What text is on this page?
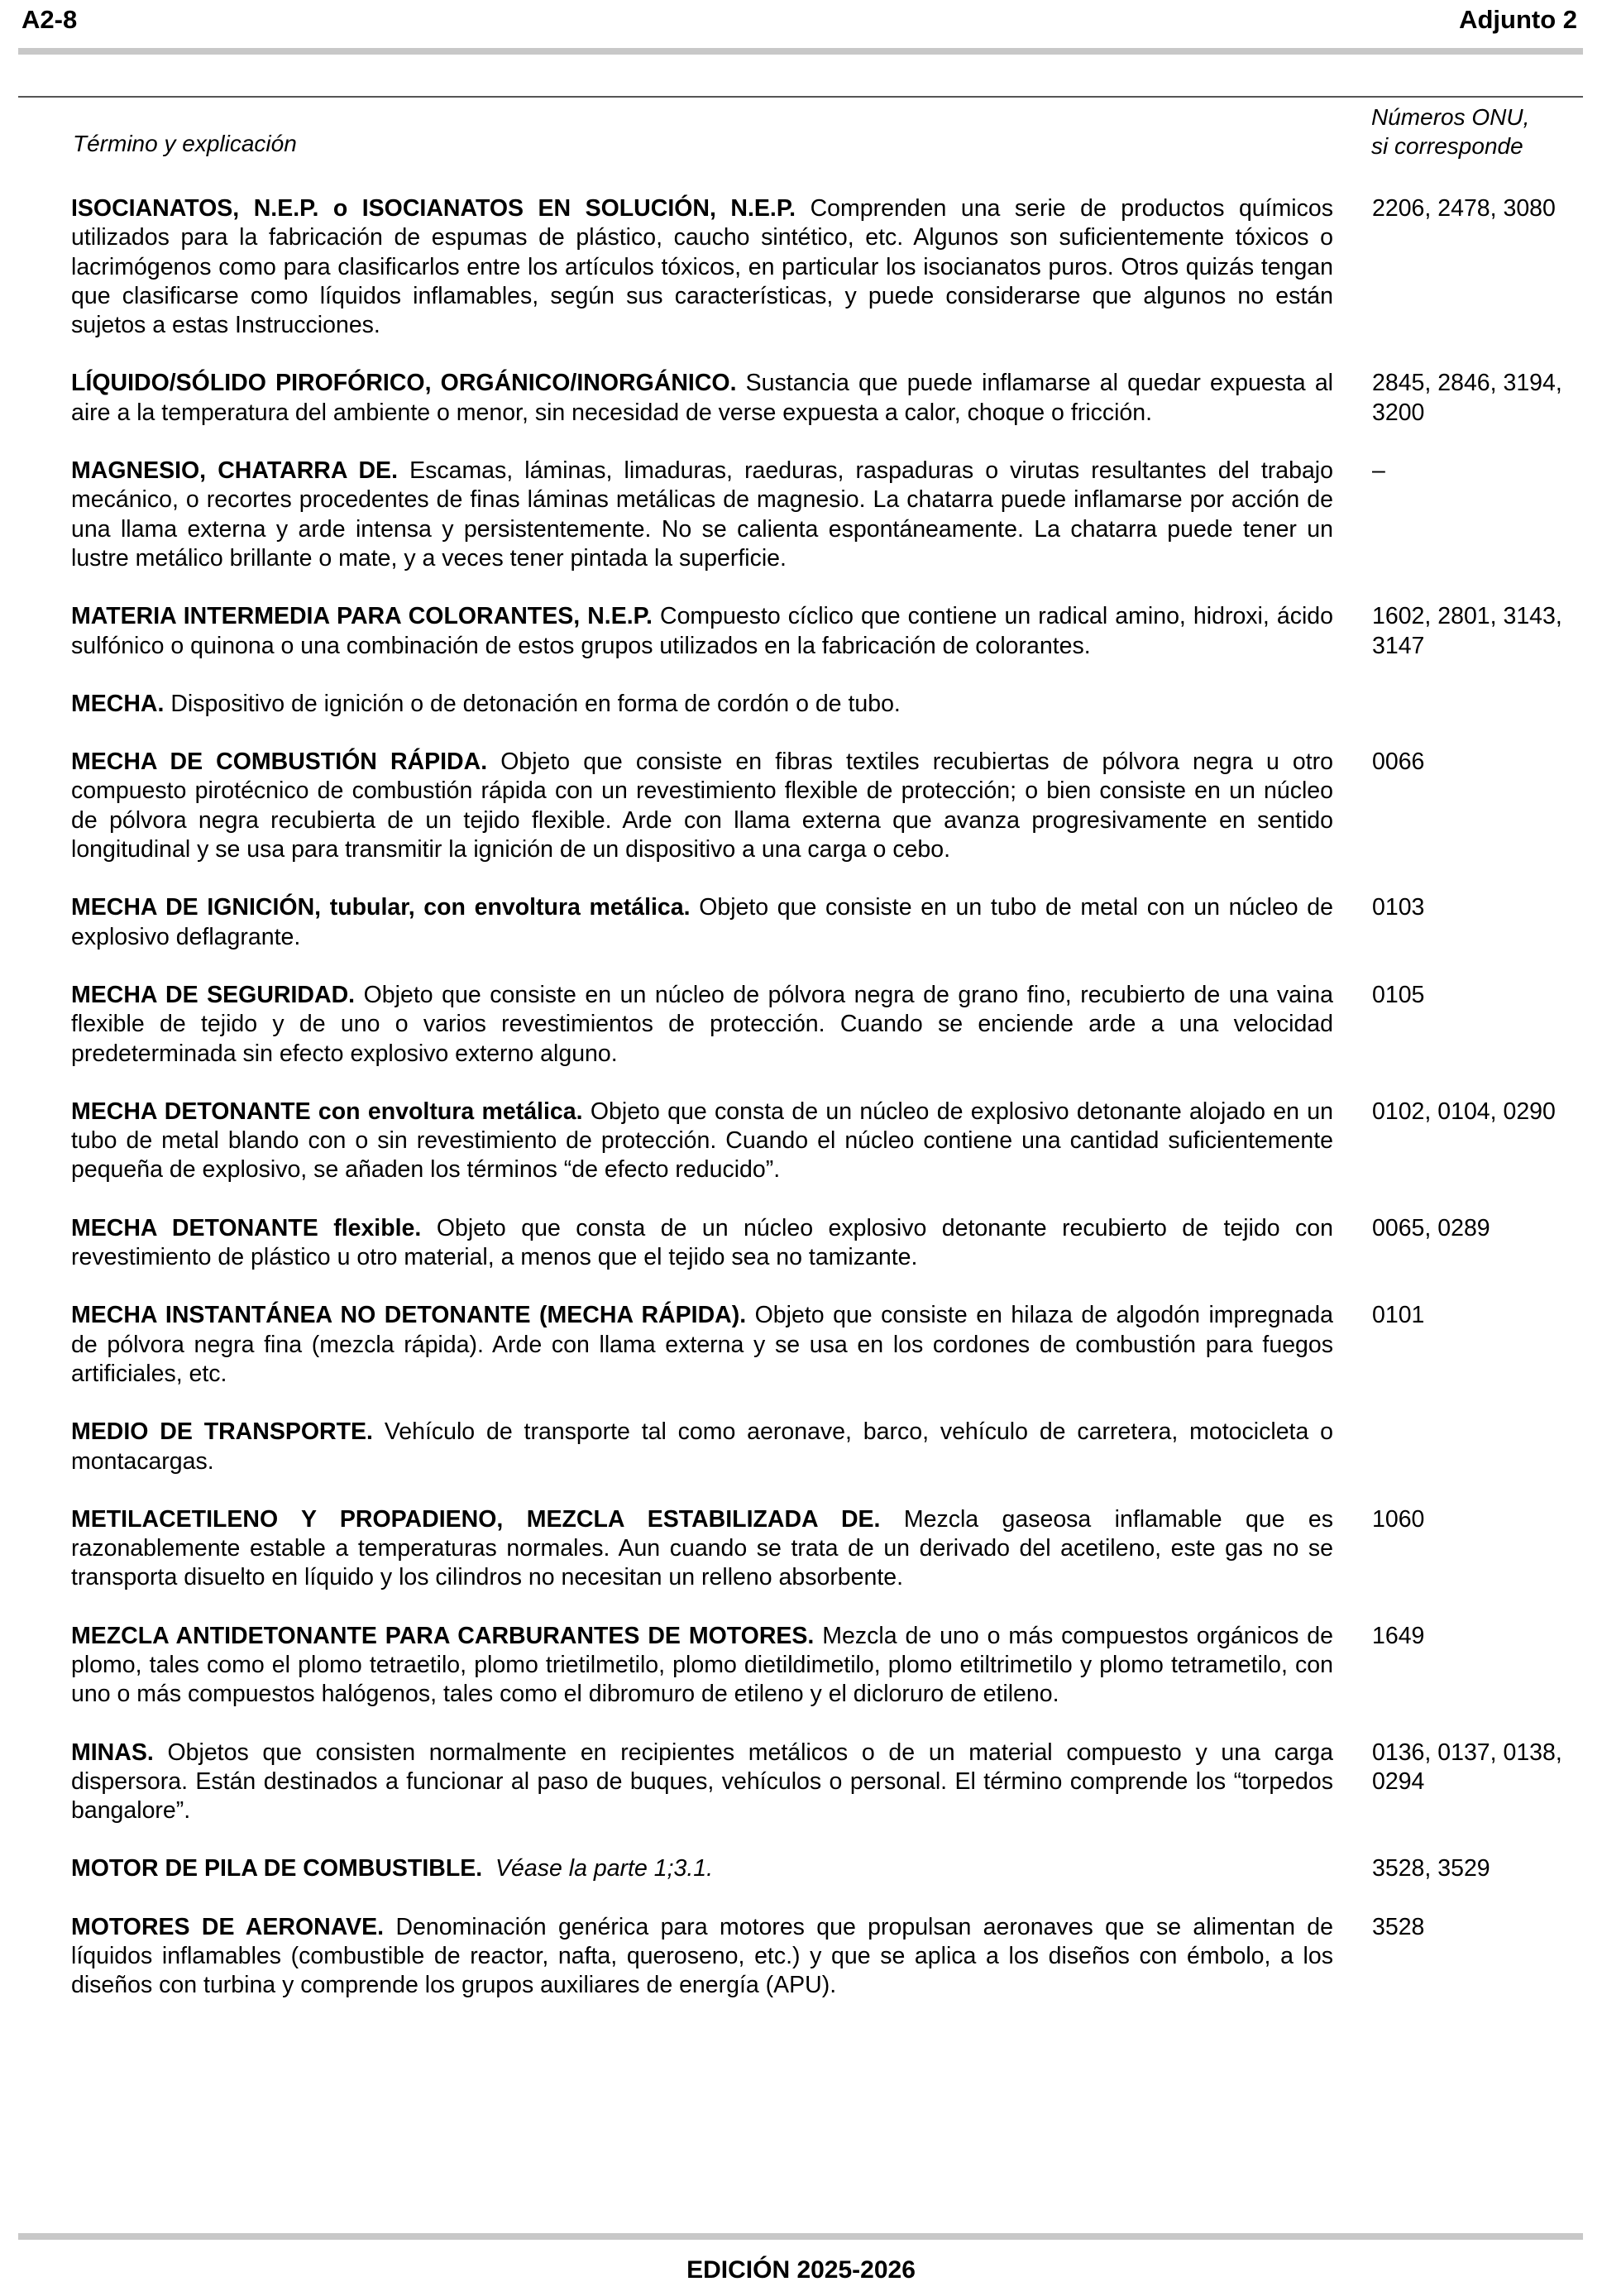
A2-8	Adjunto 2
Término y explicación
Números ONU,
si corresponde
ISOCIANATOS, N.E.P. o ISOCIANATOS EN SOLUCIÓN, N.E.P. Comprenden una serie de productos químicos utilizados para la fabricación de espumas de plástico, caucho sintético, etc. Algunos son suficientemente tóxicos o lacrimógenos como para clasificarlos entre los artículos tóxicos, en particular los isocianatos puros. Otros quizás tengan que clasificarse como líquidos inflamables, según sus características, y puede considerarse que algunos no están sujetos a estas Instrucciones.
2206, 2478, 3080
LÍQUIDO/SÓLIDO PIROFÓRICO, ORGÁNICO/INORGÁNICO. Sustancia que puede inflamarse al quedar expuesta al aire a la temperatura del ambiente o menor, sin necesidad de verse expuesta a calor, choque o fricción.
2845, 2846, 3194, 3200
MAGNESIO, CHATARRA DE. Escamas, láminas, limaduras, raeduras, raspaduras o virutas resultantes del trabajo mecánico, o recortes procedentes de finas láminas metálicas de magnesio. La chatarra puede inflamarse por acción de una llama externa y arde intensa y persistentemente. No se calienta espontáneamente. La chatarra puede tener un lustre metálico brillante o mate, y a veces tener pintada la superficie.
–
MATERIA INTERMEDIA PARA COLORANTES, N.E.P. Compuesto cíclico que contiene un radical amino, hidroxi, ácido sulfónico o quinona o una combinación de estos grupos utilizados en la fabricación de colorantes.
1602, 2801, 3143, 3147
MECHA. Dispositivo de ignición o de detonación en forma de cordón o de tubo.
MECHA DE COMBUSTIÓN RÁPIDA. Objeto que consiste en fibras textiles recubiertas de pólvora negra u otro compuesto pirotécnico de combustión rápida con un revestimiento flexible de protección; o bien consiste en un núcleo de pólvora negra recubierta de un tejido flexible. Arde con llama externa que avanza progresivamente en sentido longitudinal y se usa para transmitir la ignición de un dispositivo a una carga o cebo.
0066
MECHA DE IGNICIÓN, tubular, con envoltura metálica. Objeto que consiste en un tubo de metal con un núcleo de explosivo deflagrante.
0103
MECHA DE SEGURIDAD. Objeto que consiste en un núcleo de pólvora negra de grano fino, recubierto de una vaina flexible de tejido y de uno o varios revestimientos de protección. Cuando se enciende arde a una velocidad predeterminada sin efecto explosivo externo alguno.
0105
MECHA DETONANTE con envoltura metálica. Objeto que consta de un núcleo de explosivo detonante alojado en un tubo de metal blando con o sin revestimiento de protección. Cuando el núcleo contiene una cantidad suficientemente pequeña de explosivo, se añaden los términos “de efecto reducido”.
0102, 0104, 0290
MECHA DETONANTE flexible. Objeto que consta de un núcleo explosivo detonante recubierto de tejido con revestimiento de plástico u otro material, a menos que el tejido sea no tamizante.
0065, 0289
MECHA INSTANTÁNEA NO DETONANTE (MECHA RÁPIDA). Objeto que consiste en hilaza de algodón impregnada de pólvora negra fina (mezcla rápida). Arde con llama externa y se usa en los cordones de combustión para fuegos artificiales, etc.
0101
MEDIO DE TRANSPORTE. Vehículo de transporte tal como aeronave, barco, vehículo de carretera, motocicleta o montacargas.
METILACETILENO Y PROPADIENO, MEZCLA ESTABILIZADA DE. Mezcla gaseosa inflamable que es razonablemente estable a temperaturas normales. Aun cuando se trata de un derivado del acetileno, este gas no se transporta disuelto en líquido y los cilindros no necesitan un relleno absorbente.
1060
MEZCLA ANTIDETONANTE PARA CARBURANTES DE MOTORES. Mezcla de uno o más compuestos orgánicos de plomo, tales como el plomo tetraetilo, plomo trietilmetilo, plomo dietildimetilo, plomo etiltrimetilo y plomo tetrametilo, con uno o más compuestos halógenos, tales como el dibromuro de etileno y el dicloruro de etileno.
1649
MINAS. Objetos que consisten normalmente en recipientes metálicos o de un material compuesto y una carga dispersora. Están destinados a funcionar al paso de buques, vehículos o personal. El término comprende los “torpedos bangalore”.
0136, 0137, 0138, 0294
MOTOR DE PILA DE COMBUSTIBLE. Véase la parte 1;3.1.	3528, 3529
MOTORES DE AERONAVE. Denominación genérica para motores que propulsan aeronaves que se alimentan de líquidos inflamables (combustible de reactor, nafta, queroseno, etc.) y que se aplica a los diseños con émbolo, a los diseños con turbina y comprende los grupos auxiliares de energía (APU).
3528
EDICIÓN 2025-2026
